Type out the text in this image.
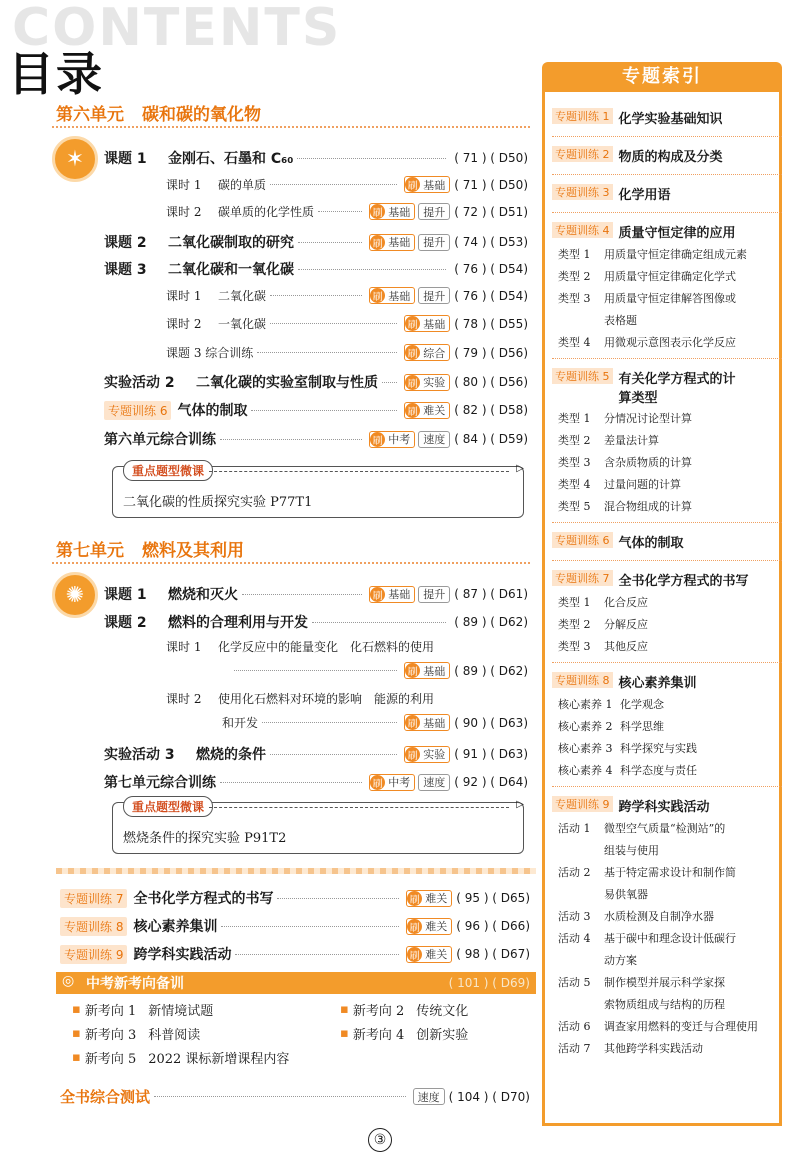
CONTENTS
目录
③
第六单元 碳和碳的氧化物
✶	课题 1	金刚石、石墨和 C₆₀	( 71 ) ( D50)
课时 1	碳的单质	刷 基础 ( 71 ) ( D50)
课时 2	碳单质的化学性质	刷 基础	提升 ( 72 ) ( D51)
课题 2	二氧化碳制取的研究	刷 基础	提升 ( 74 ) ( D53)
课题 3	二氧化碳和一氧化碳	( 76 ) ( D54)
课时 1	二氧化碳	刷 基础	提升 ( 76 ) ( D54)
课时 2	一氧化碳	刷 基础 ( 78 ) ( D55)
课题 3 综合训练	刷 综合 ( 79 ) ( D56)
实验活动 2	二氧化碳的实验室制取与性质	刷 实验 ( 80 ) ( D56)
专题训练 6 气体的制取	刷 难关 ( 82 ) ( D58)
第六单元综合训练	刷 中考	速度 ( 84 ) ( D59)
重点题型微课	▷
二氧化碳的性质探究实验 P77T1
第七单元 燃料及其利用
✺	课题 1	燃烧和灭火	刷 基础	提升 ( 87 ) ( D61)
课题 2	燃料的合理利用与开发	( 89 ) ( D62)
课时 1	化学反应中的能量变化　化石燃料的使用
刷 基础 ( 89 ) ( D62)
课时 2	使用化石燃料对环境的影响　能源的利用
和开发	刷 基础 ( 90 ) ( D63)
实验活动 3	燃烧的条件	刷 实验 ( 91 ) ( D63)
第七单元综合训练	刷 中考	速度 ( 92 ) ( D64)
重点题型微课	▷
燃烧条件的探究实验 P91T2
专题训练 7 全书化学方程式的书写	刷 难关 ( 95 ) ( D65)
专题训练 8 核心素养集训	刷 难关 ( 96 ) ( D66)
专题训练 9 跨学科实践活动	刷 难关 ( 98 ) ( D67)
中考新考向备训	( 101 ) ( D69)
◎
▪ 新考向 1 新情境试题	▪ 新考向 2 传统文化
▪ 新考向 3 科普阅读	▪ 新考向 4 创新实验
▪ 新考向 5 2022 课标新增课程内容
全书综合测试	速度 ( 104 ) ( D70)
专题索引
专题训练 1 化学实验基础知识
专题训练 2 物质的构成及分类
专题训练 3 化学用语
专题训练 4 质量守恒定律的应用
类型 1	用质量守恒定律确定组成元素
类型 2	用质量守恒定律确定化学式
类型 3	用质量守恒定律解答图像或
表格题
类型 4	用微观示意图表示化学反应
专题训练 5 有关化学方程式的计
算类型
类型 1	分情况讨论型计算
类型 2	差量法计算
类型 3	含杂质物质的计算
类型 4	过量问题的计算
类型 5	混合物组成的计算
专题训练 6 气体的制取
专题训练 7 全书化学方程式的书写
类型 1	化合反应
类型 2	分解反应
类型 3	其他反应
专题训练 8 核心素养集训
核心素养 1 化学观念
核心素养 2 科学思维
核心素养 3 科学探究与实践
核心素养 4 科学态度与责任
专题训练 9 跨学科实践活动
活动 1	微型空气质量“检测站”的
组装与使用
活动 2	基于特定需求设计和制作简
易供氧器
活动 3	水质检测及自制净水器
活动 4	基于碳中和理念设计低碳行
动方案
活动 5	制作模型并展示科学家探
索物质组成与结构的历程
活动 6	调查家用燃料的变迁与合理使用
活动 7	其他跨学科实践活动
